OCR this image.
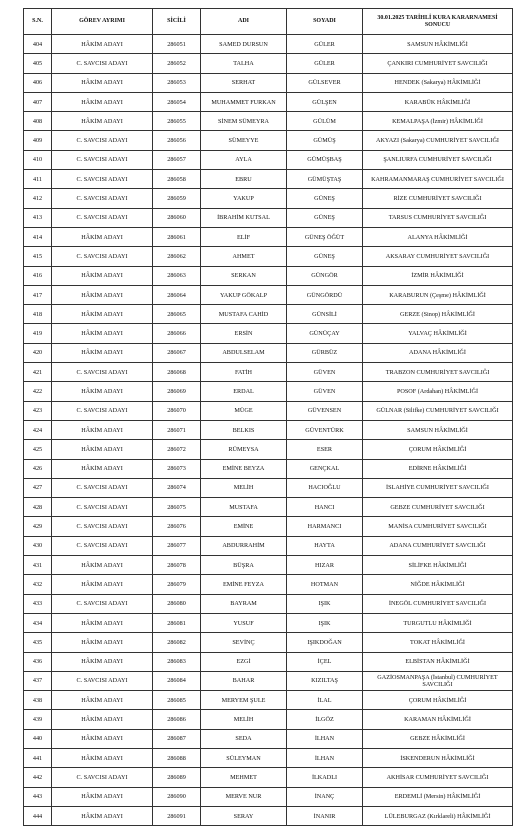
S.N.	GÖREV AYRIMI	SİCİLİ	ADI	SOYADI	30.01.2025 TARİHLİ KURA KARARNAMESİ SONUCU
404	HÂKİM ADAYI	286051	SAMED DURSUN	GÜLER	SAMSUN HÂKİMLİĞİ
405	C. SAVCISI ADAYI	286052	TALHA	GÜLER	ÇANKIRI CUMHURİYET SAVCILIĞI
406	HÂKİM ADAYI	286053	SERHAT	GÜLSEVER	HENDEK (Sakarya) HÂKİMLİĞİ
407	HÂKİM ADAYI	286054	MUHAMMET FURKAN	GÜLŞEN	KARABÜK HÂKİMLİĞİ
408	HÂKİM ADAYI	286055	SİNEM SÜMEYRA	GÜLÜM	KEMALPAŞA (İzmir) HÂKİMLİĞİ
409	C. SAVCISI ADAYI	286056	SÜMEYYE	GÜMÜŞ	AKYAZI (Sakarya) CUMHURİYET SAVCILIĞI
410	C. SAVCISI ADAYI	286057	AYLA	GÜMÜŞBAŞ	ŞANLIURFA CUMHURİYET SAVCILIĞI
411	C. SAVCISI ADAYI	286058	EBRU	GÜMÜŞTAŞ	KAHRAMANMARAŞ CUMHURİYET SAVCILIĞI
412	C. SAVCISI ADAYI	286059	YAKUP	GÜNEŞ	RİZE CUMHURİYET SAVCILIĞI
413	C. SAVCISI ADAYI	286060	İBRAHİM KUTSAL	GÜNEŞ	TARSUS CUMHURİYET SAVCILIĞI
414	HÂKİM ADAYI	286061	ELİF	GÜNEŞ ÖĞÜT	ALANYA HÂKİMLİĞİ
415	C. SAVCISI ADAYI	286062	AHMET	GÜNEŞ	AKSARAY CUMHURİYET SAVCILIĞI
416	HÂKİM ADAYI	286063	SERKAN	GÜNGÖR	İZMİR HÂKİMLİĞİ
417	HÂKİM ADAYI	286064	YAKUP GÖKALP	GÜNGÖRDÜ	KARABURUN (Çeşme) HÂKİMLİĞİ
418	HÂKİM ADAYI	286065	MUSTAFA CAHİD	GÜNSİLİ	GERZE (Sinop) HÂKİMLİĞİ
419	HÂKİM ADAYI	286066	ERSİN	GÜNÜÇAY	YALVAÇ HÂKİMLİĞİ
420	HÂKİM ADAYI	286067	ABDULSELAM	GÜRBÜZ	ADANA HÂKİMLİĞİ
421	C. SAVCISI ADAYI	286068	FATİH	GÜVEN	TRABZON CUMHURİYET SAVCILIĞI
422	HÂKİM ADAYI	286069	ERDAL	GÜVEN	POSOF (Ardahan) HÂKİMLİĞİ
423	C. SAVCISI ADAYI	286070	MÜGE	GÜVENSEN	GÜLNAR (Silifke) CUMHURİYET SAVCILIĞI
424	HÂKİM ADAYI	286071	BELKIS	GÜVENTÜRK	SAMSUN HÂKİMLİĞİ
425	HÂKİM ADAYI	286072	RÜMEYSA	ESER	ÇORUM HÂKİMLİĞİ
426	HÂKİM ADAYI	286073	EMİNE BEYZA	GENÇKAL	EDİRNE HÂKİMLİĞİ
427	C. SAVCISI ADAYI	286074	MELİH	HACIOĞLU	İSLAHİYE CUMHURİYET SAVCILIĞI
428	C. SAVCISI ADAYI	286075	MUSTAFA	HANCI	GEBZE CUMHURİYET SAVCILIĞI
429	C. SAVCISI ADAYI	286076	EMİNE	HARMANCI	MANİSA CUMHURİYET SAVCILIĞI
430	C. SAVCISI ADAYI	286077	ABDURRAHİM	HAYTA	ADANA CUMHURİYET SAVCILIĞI
431	HÂKİM ADAYI	286078	BÜŞRA	HIZAR	SİLİFKE HÂKİMLİĞİ
432	HÂKİM ADAYI	286079	EMİNE FEYZA	HOTMAN	NİĞDE HÂKİMLİĞİ
433	C. SAVCISI ADAYI	286080	BAYRAM	IŞIK	İNEGÖL CUMHURİYET SAVCILIĞI
434	HÂKİM ADAYI	286081	YUSUF	IŞIK	TURGUTLU HÂKİMLİĞİ
435	HÂKİM ADAYI	286082	SEVİNÇ	IŞIKDOĞAN	TOKAT HÂKİMLİĞİ
436	HÂKİM ADAYI	286083	EZGİ	İÇEL	ELBİSTAN HÂKİMLİĞİ
437	C. SAVCISI ADAYI	286084	BAHAR	KIZILTAŞ	GAZİOSMANPAŞA (İstanbul) CUMHURİYET SAVCILIĞI
438	HÂKİM ADAYI	286085	MERYEM ŞULE	İLAL	ÇORUM HÂKİMLİĞİ
439	HÂKİM ADAYI	286086	MELİH	İLGÖZ	KARAMAN HÂKİMLİĞİ
440	HÂKİM ADAYI	286087	SEDA	İLHAN	GEBZE HÂKİMLİĞİ
441	HÂKİM ADAYI	286088	SÜLEYMAN	İLHAN	İSKENDERUN HÂKİMLİĞİ
442	C. SAVCISI ADAYI	286089	MEHMET	İLKADLI	AKHİSAR CUMHURİYET SAVCILIĞI
443	HÂKİM ADAYI	286090	MERVE NUR	İNANÇ	ERDEMLİ (Mersin) HÂKİMLİĞİ
444	HÂKİM ADAYI	286091	SERAY	İNANIR	LÜLEBURGAZ (Kırklareli) HÂKİMLİĞİ
